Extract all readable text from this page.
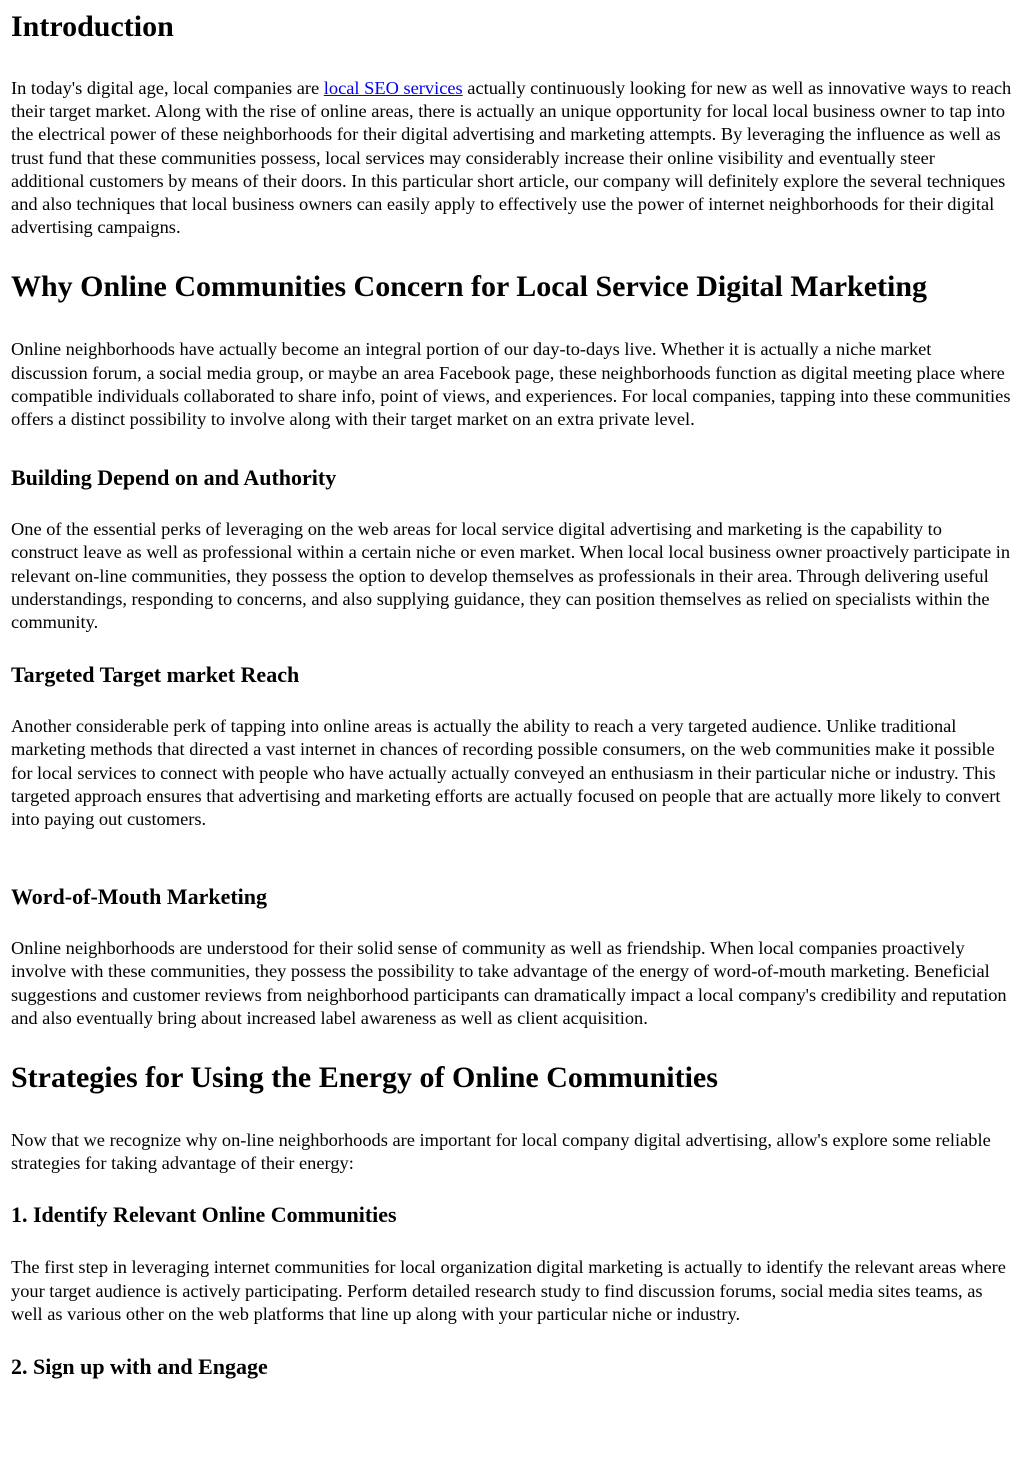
Introduction

In today's digital age, local companies are local SEO services actually continuously looking for new as well as innovative ways to reach their target market. Along with the rise of online areas, there is actually an unique opportunity for local local business owner to tap into the electrical power of these neighborhoods for their digital advertising and marketing attempts. By leveraging the influence as well as trust fund that these communities possess, local services may considerably increase their online visibility and eventually steer additional customers by means of their doors. In this particular short article, our company will definitely explore the several techniques and also techniques that local business owners can easily apply to effectively use the power of internet neighborhoods for their digital advertising campaigns.

Why Online Communities Concern for Local Service Digital Marketing

Online neighborhoods have actually become an integral portion of our day-to-days live. Whether it is actually a niche market discussion forum, a social media group, or maybe an area Facebook page, these neighborhoods function as digital meeting place where compatible individuals collaborated to share info, point of views, and experiences. For local companies, tapping into these communities offers a distinct possibility to involve along with their target market on an extra private level.

Building Depend on and Authority

One of the essential perks of leveraging on the web areas for local service digital advertising and marketing is the capability to construct leave as well as professional within a certain niche or even market. When local local business owner proactively participate in relevant on-line communities, they possess the option to develop themselves as professionals in their area. Through delivering useful understandings, responding to concerns, and also supplying guidance, they can position themselves as relied on specialists within the community.

Targeted Target market Reach

Another considerable perk of tapping into online areas is actually the ability to reach a very targeted audience. Unlike traditional marketing methods that directed a vast internet in chances of recording possible consumers, on the web communities make it possible for local services to connect with people who have actually actually conveyed an enthusiasm in their particular niche or industry. This targeted approach ensures that advertising and marketing efforts are actually focused on people that are actually more likely to convert into paying out customers.

Word-of-Mouth Marketing

Online neighborhoods are understood for their solid sense of community as well as friendship. When local companies proactively involve with these communities, they possess the possibility to take advantage of the energy of word-of-mouth marketing. Beneficial suggestions and customer reviews from neighborhood participants can dramatically impact a local company's credibility and reputation and also eventually bring about increased label awareness as well as client acquisition.

Strategies for Using the Energy of Online Communities

Now that we recognize why on-line neighborhoods are important for local company digital advertising, allow's explore some reliable strategies for taking advantage of their energy:

1. Identify Relevant Online Communities

The first step in leveraging internet communities for local organization digital marketing is actually to identify the relevant areas where your target audience is actively participating. Perform detailed research study to find discussion forums, social media sites teams, as well as various other on the web platforms that line up along with your particular niche or industry.

2. Sign up with and Engage
